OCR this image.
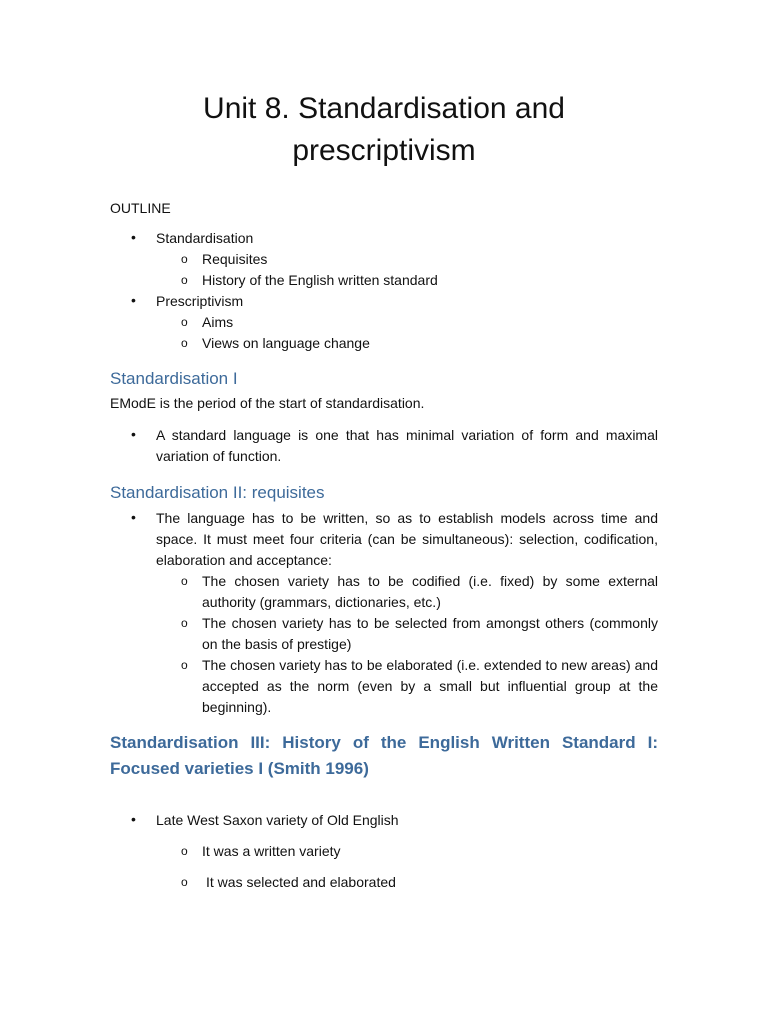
Unit 8. Standardisation and
prescriptivism
OUTLINE
• Standardisation
o Requisites
o History of the English written standard
• Prescriptivism
o Aims
o Views on language change
Standardisation I
EModE is the period of the start of standardisation.
• A standard language is one that has minimal variation of form and maximal variation of function.

Standardisation II: requisites
• The language has to be written, so as to establish models across time and space. It must meet four criteria (can be simultaneous): selection, codification, elaboration and acceptance:

o The chosen variety has to be codified (i.e. fixed) by some external authority (grammars, dictionaries, etc.)

o The chosen variety has to be selected from amongst others (commonly on the basis of prestige)

o The chosen variety has to be elaborated (i.e. extended to new areas) and accepted as the norm (even by a small but influential group at the beginning).

Standardisation III: History of the English Written Standard I: Focused varieties I (Smith 1996)
• Late West Saxon variety of Old English
o It was a written variety
o It was selected and elaborated
